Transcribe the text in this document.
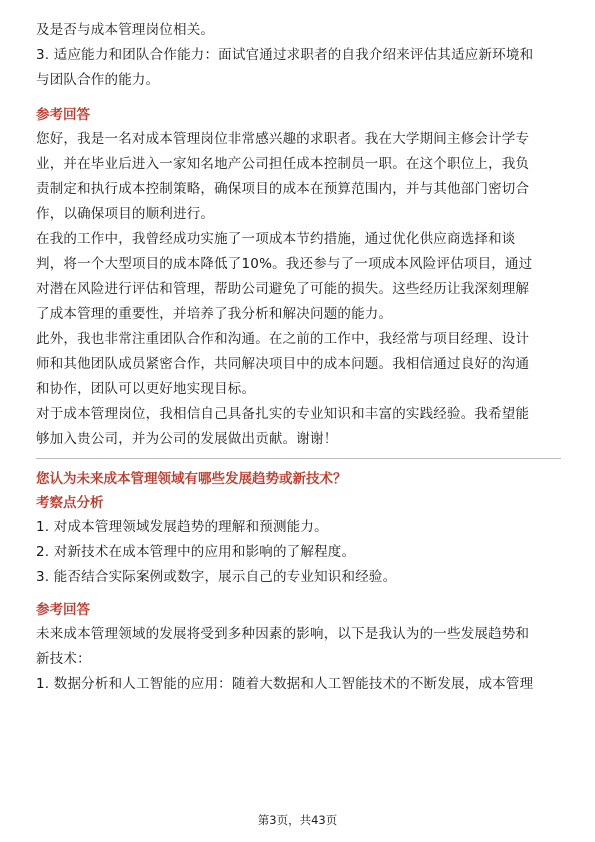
及是否与成本管理岗位相关。

3. 适应能力和团队合作能力：面试官通过求职者的自我介绍来评估其适应新环境和

与团队合作的能力。

参考回答

您好，我是一名对成本管理岗位非常感兴趣的求职者。我在大学期间主修会计学专

业，并在毕业后进入一家知名地产公司担任成本控制员一职。在这个职位上，我负

责制定和执行成本控制策略，确保项目的成本在预算范围内，并与其他部门密切合

作，以确保项目的顺利进行。

在我的工作中，我曾经成功实施了一项成本节约措施，通过优化供应商选择和谈

判，将一个大型项目的成本降低了10%。我还参与了一项成本风险评估项目，通过

对潜在风险进行评估和管理，帮助公司避免了可能的损失。这些经历让我深刻理解

了成本管理的重要性，并培养了我分析和解决问题的能力。

此外，我也非常注重团队合作和沟通。在之前的工作中，我经常与项目经理、设计

师和其他团队成员紧密合作，共同解决项目中的成本问题。我相信通过良好的沟通

和协作，团队可以更好地实现目标。

对于成本管理岗位，我相信自己具备扎实的专业知识和丰富的实践经验。我希望能

够加入贵公司，并为公司的发展做出贡献。谢谢！

您认为未来成本管理领域有哪些发展趋势或新技术？

考察点分析

1. 对成本管理领域发展趋势的理解和预测能力。

2. 对新技术在成本管理中的应用和影响的了解程度。

3. 能否结合实际案例或数字，展示自己的专业知识和经验。

参考回答

未来成本管理领域的发展将受到多种因素的影响，以下是我认为的一些发展趋势和

新技术：

1. 数据分析和人工智能的应用：随着大数据和人工智能技术的不断发展，成本管理

第3页，共43页
